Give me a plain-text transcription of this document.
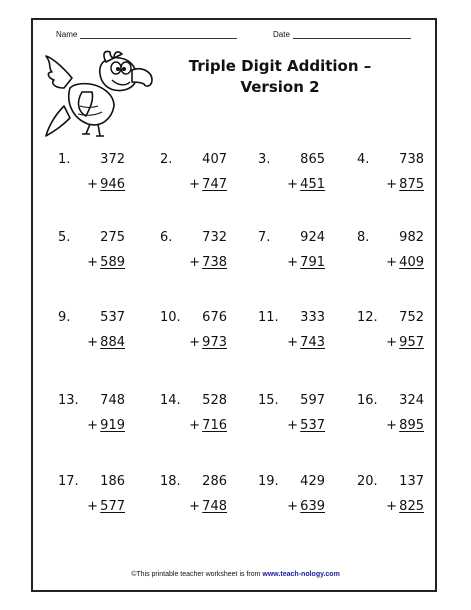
Name	Date
Triple Digit Addition –
Version 2
1. 372
+ 946
2. 407
+ 747
3. 865
+ 451
4. 738
+ 875
5. 275
+ 589
6. 732
+ 738
7. 924
+ 791
8. 982
+ 409
9. 537
+ 884
10. 676
+ 973
11. 333
+ 743
12. 752
+ 957
13. 748
+ 919
14. 528
+ 716
15. 597
+ 537
16. 324
+ 895
17. 186
+ 577
18. 286
+ 748
19. 429
+ 639
20. 137
+ 825
©This printable teacher worksheet is from www.teach-nology.com
